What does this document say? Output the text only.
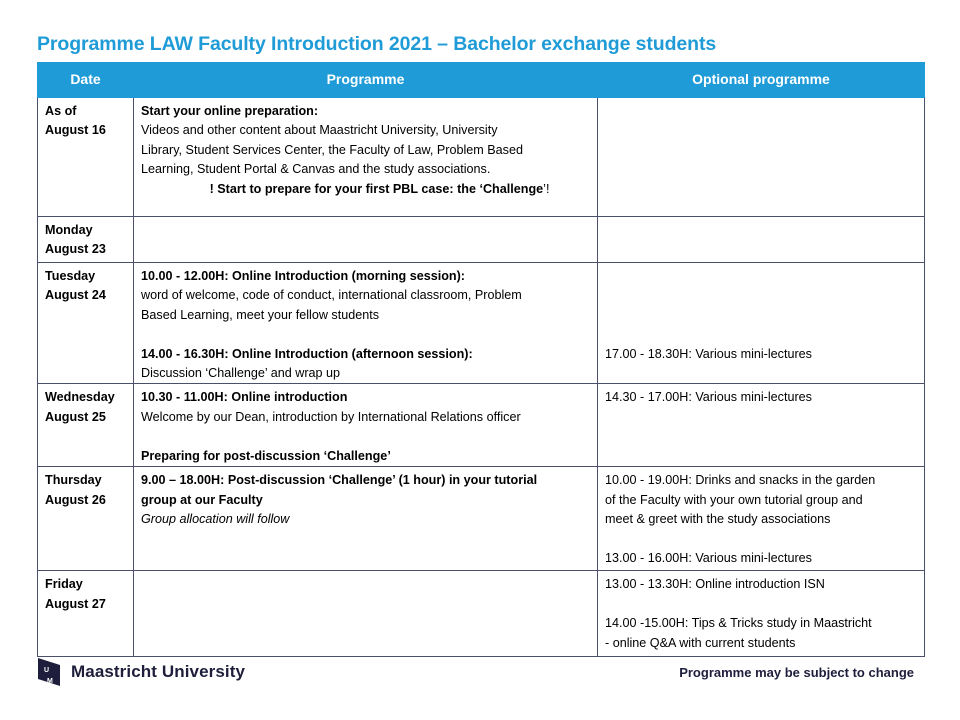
Programme LAW Faculty Introduction 2021 – Bachelor exchange students
Date	Programme	Optional programme

As of
August 16	Start your online preparation:
Videos and other content about Maastricht University, University
Library, Student Services Center, the Faculty of Law, Problem Based
Learning, Student Portal & Canvas and the study associations.
! Start to prepare for your first PBL case: the ‘Challenge’!	

Monday
August 23		

Tuesday
August 24	10.00 - 12.00H: Online Introduction (morning session):
word of welcome, code of conduct, international classroom, Problem
Based Learning, meet your fellow students
14.00 - 16.30H: Online Introduction (afternoon session):
Discussion ‘Challenge’ and wrap up	17.00 - 18.30H: Various mini-lectures

Wednesday
August 25	10.30 - 11.00H: Online introduction
Welcome by our Dean, introduction by International Relations officer
Preparing for post-discussion ‘Challenge’	14.30 - 17.00H: Various mini-lectures

Thursday
August 26	9.00 – 18.00H: Post-discussion ‘Challenge’ (1 hour) in your tutorial
group at our Faculty
Group allocation will follow	10.00 - 19.00H: Drinks and snacks in the garden
of the Faculty with your own tutorial group and
meet & greet with the study associations
13.00 - 16.00H: Various mini-lectures

Friday
August 27		13.00 - 13.30H: Online introduction ISN
14.00 -15.00H: Tips & Tricks study in Maastricht
- online Q&A with current students
U
M
Maastricht University	Programme may be subject to change
